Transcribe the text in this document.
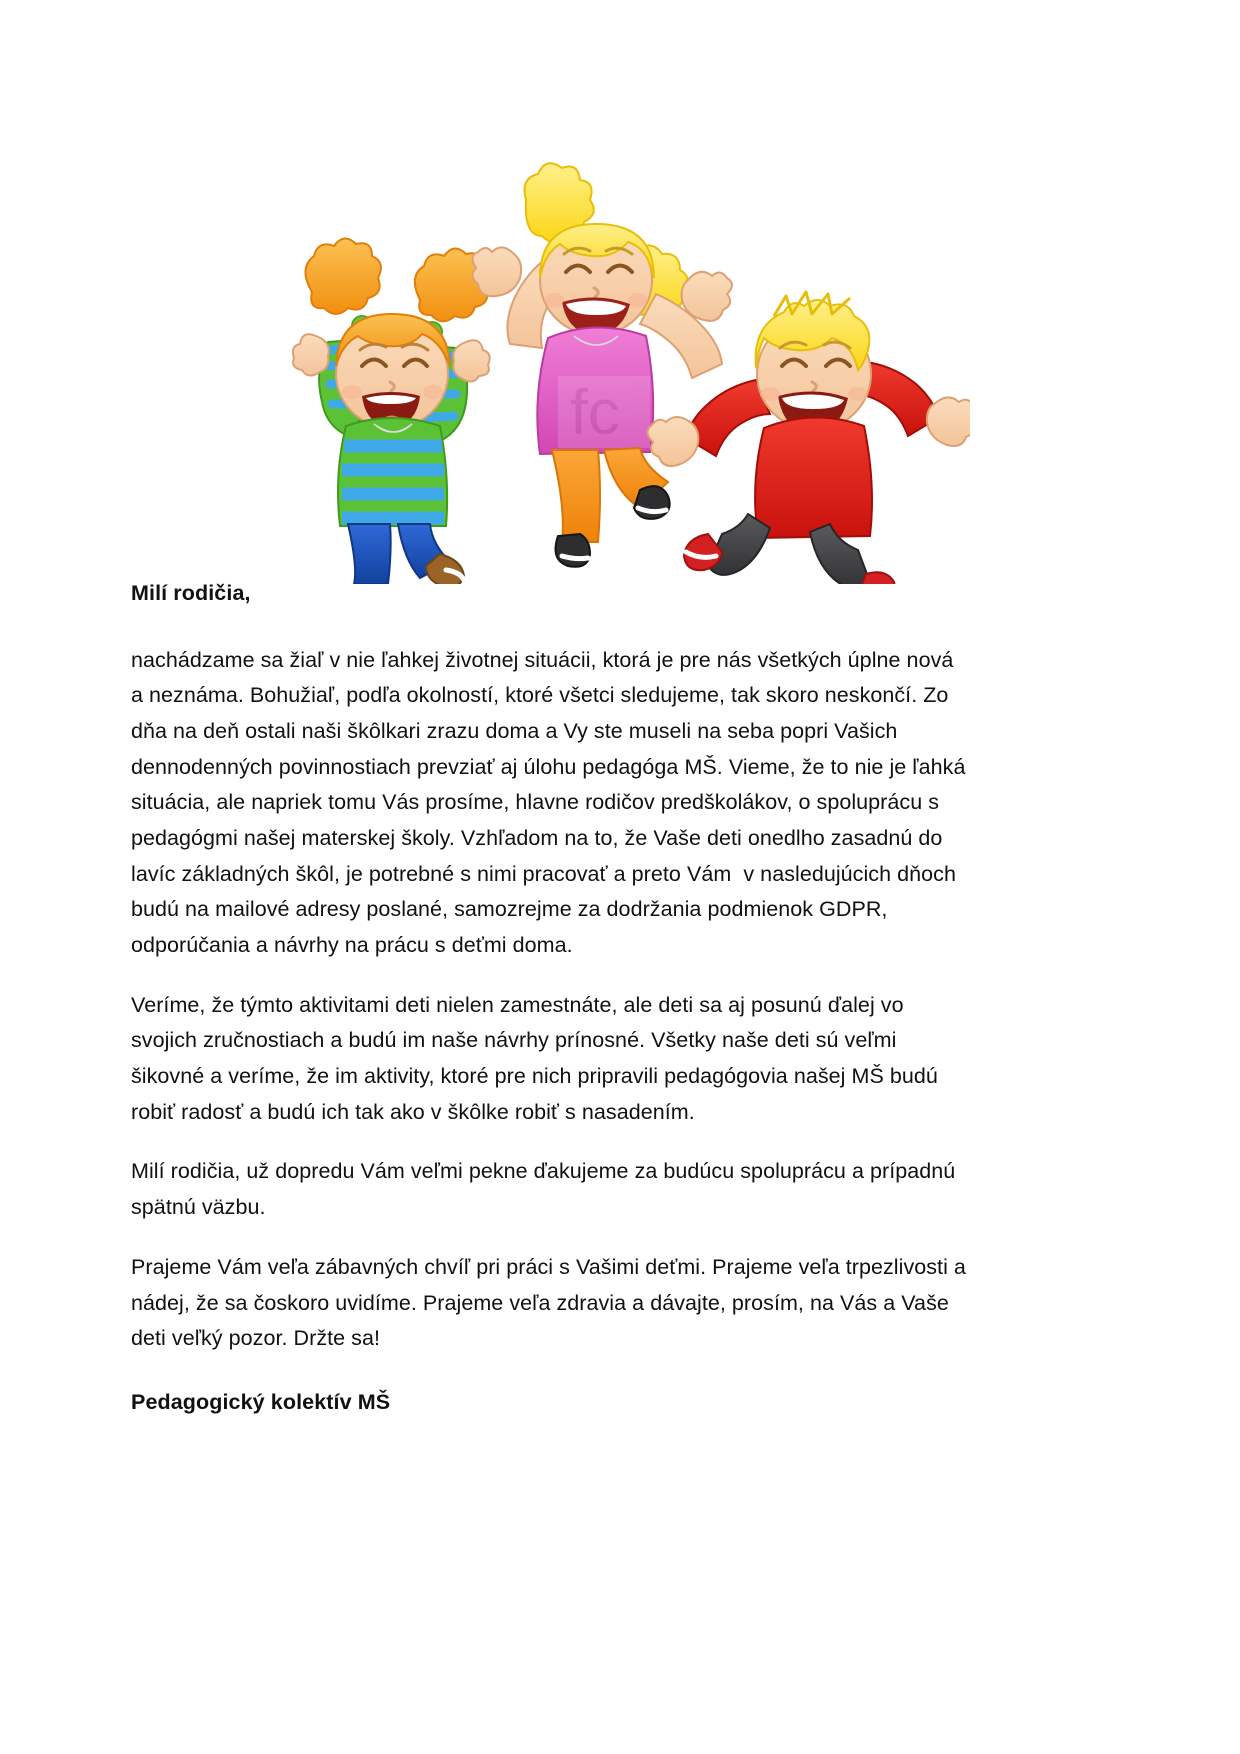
fc

Milí rodičia,

nachádzame sa žiaľ v nie ľahkej životnej situácii, ktorá je pre nás všetkých úplne nová a neznáma. Bohužiaľ, podľa okolností, ktoré všetci sledujeme, tak skoro neskončí. Zo dňa na deň ostali naši škôlkari zrazu doma a Vy ste museli na seba popri Vašich dennodenných povinnostiach prevziať aj úlohu pedagóga MŠ. Vieme, že to nie je ľahká situácia, ale napriek tomu Vás prosíme, hlavne rodičov predškolákov, o spoluprácu s pedagógmi našej materskej školy. Vzhľadom na to, že Vaše deti onedlho zasadnú do lavíc základných škôl, je potrebné s nimi pracovať a preto Vám  v nasledujúcich dňoch budú na mailové adresy poslané, samozrejme za dodržania podmienok GDPR, odporúčania a návrhy na prácu s deťmi doma.

Veríme, že týmto aktivitami deti nielen zamestnáte, ale deti sa aj posunú ďalej vo svojich zručnostiach a budú im naše návrhy prínosné. Všetky naše deti sú veľmi šikovné a veríme, že im aktivity, ktoré pre nich pripravili pedagógovia našej MŠ budú robiť radosť a budú ich tak ako v škôlke robiť s nasadením.

Milí rodičia, už dopredu Vám veľmi pekne ďakujeme za budúcu spoluprácu a prípadnú spätnú väzbu.

Prajeme Vám veľa zábavných chvíľ pri práci s Vašimi deťmi. Prajeme veľa trpezlivosti a nádej, že sa čoskoro uvidíme. Prajeme veľa zdravia a dávajte, prosím, na Vás a Vaše deti veľký pozor. Držte sa!

Pedagogický kolektív MŠ
